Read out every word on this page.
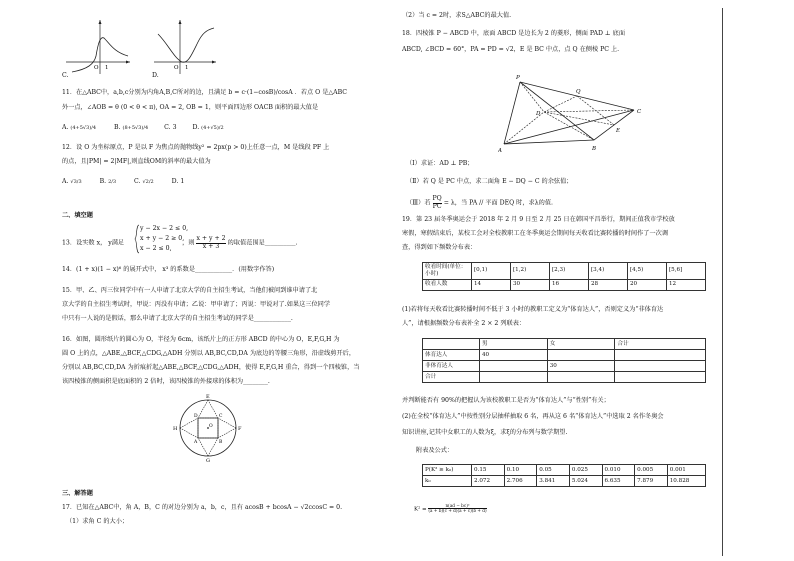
O 1	O 1
C.	D.
11．在△ABC中，a,b,c分别为内角A,B,C所对的边，且满足 b = c·(1−cosB)/cosA ．若点 O 是△ABC
外一点，∠AOB = θ (0 < θ < π), OA = 2, OB = 1，则平面四边形 OACB 面积的最大值是
A. (4+5√3)/4	B. (8+5√3)/4	C. 3	D. (4+√5)/2
12．设 O 为坐标原点，P 是以 F 为焦点的抛物线y² = 2px(p > 0)上任意一点，M 是线段 PF 上
的点，且|PM| = 2|MF|,则直线OM的斜率的最大值为
A. √3/3	B. 2/3	C. √2/2	D. 1
二、填空题
y − 2x − 2 ≤ 0,
x + y − 2 ≥ 0,
x − 2 ≤ 0,
13．设实数 x， y满足	，则 $\frac{x + y + 2}{x + 3}$ 的取值范围是__________.
14．(1 + x)(1 − x)⁶ 的展开式中， x³ 的系数是____________．(用数字作答)
15．甲、乙、丙三位同学中有一人申请了北京大学的自主招生考试，当他们被问到谁申请了北
京大学的自主招生考试时，甲说：丙没有申请；乙说：甲申请了；丙说：甲说对了.如果这三位同学
中只有一人说的是假话，那么申请了北京大学的自主招生考试的同学是____________.
16．如图，圆形纸片的圆心为 O，半径为 6cm，该纸片上的正方形 ABCD 的中心为 O，E,F,G,H 为
圆 O 上的点，△ABE,△BCF,△CDG,△ADH 分别以 AB,BC,CD,DA 为底边的等腰三角形，沿虚线剪开后，
分别以 AB,BC,CD,DA 为折痕折起△ABE,△BCF,△CDG,△ADH，使得 E,F,G,H 重合，得到一个四棱锥，当
该四棱锥的侧面积是底面积的 2 倍时，该四棱锥的外接球的体积为________.
E
F
G
H
D	C
A	B
O
三、解答题
17．已知在△ABC中，角 A，B，C 的对边分别为 a，b，c，且有 acosB + bcosA − √2ccosC = 0.
（1）求角 C 的大小；
（2）当 c = 2时，求S△ABC的最大值.
18．四棱锥 P − ABCD 中，底面 ABCD 是边长为 2 的菱形，侧面 PAD ⊥ 底面
ABCD, ∠BCD = 60°，PA = PD = √2，E 是 BC 中点，点 Q 在侧棱 PC 上.
P
Q
A	B
C
D
E
（Ⅰ）求证：AD ⊥ PB；
（Ⅱ）若 Q 是 PC 中点，求二面角 E − DQ − C 的余弦值；
（Ⅲ）若 $\frac{PQ}{PC} = \lambda$，当 PA // 平面 DEQ 时，求λ的值.
19．第 23 届冬季奥运会于 2018 年 2 月 9 日至 2 月 25 日在韩国平昌举行，期间正值我市学校放
寒假，寒假结束后，某校工会对全校教职工在冬季奥运会期间每天收看比赛转播的时间作了一次调
查，得到如下频数分布表：
收看时间(单位：小时)	[0,1)	[1,2)	[2,3)	[3,4)	[4,5)	[5,6]
收看人数	14	30	16	28	20	12
(1)若将每天收看比赛转播时间不低于 3 小时的教职工定义为“体育达人”，否则定义为“非体育达
人”，请根据频数分布表补全 2 × 2 列联表：
	男	女	合计
体育达人	40		
非体育达人		30	
合计			
并判断能否有 90%的把握认为该校教职工是否为“体育达人”与“性别”有关；
(2)在全校“体育达人”中按性别分层抽样抽取 6 名，再从这 6 名“体育达人”中选取 2 名作冬奥会
知识讲座,记其中女职工的人数为ξ，求ξ的分布列与数学期望.
附表及公式：
P(K² ≥ k₀)	0.15	0.10	0.05	0.025	0.010	0.005	0.001
k₀	2.072	2.706	3.841	5.024	6.635	7.879	10.828
$K^2 = \frac{\text{n(ad − bc)²}}{(a + b)(c + d)(a + c)(b + d)}$
